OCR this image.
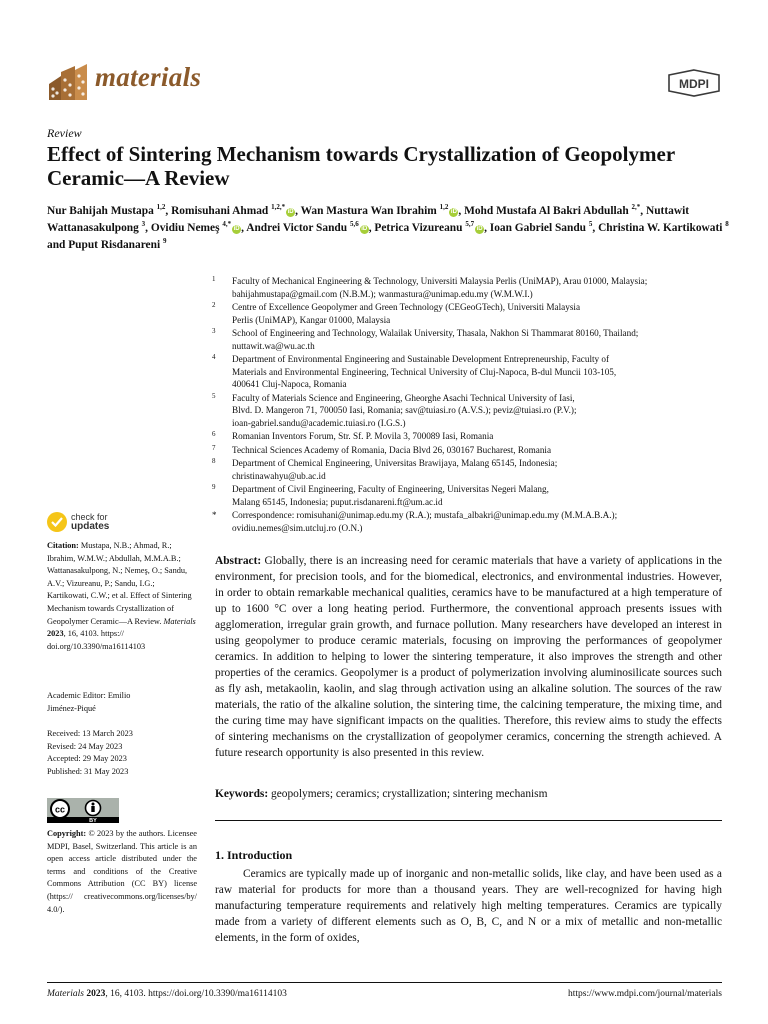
materials	MDPI
Review
Effect of Sintering Mechanism towards Crystallization of Geopolymer Ceramic—A Review
Nur Bahijah Mustapa $^{1,2}$, Romisuhani Ahmad $^{1,2,*}$iD , Wan Mastura Wan Ibrahim $^{1,2}$iD , Mohd Mustafa Al Bakri Abdullah $^{2,*}$, Nuttawit Wattanasakulpong $^3$, Ovidiu Nemeş $^{4,*}$iD , Andrei Victor Sandu $^{5,6}$iD , Petrica Vizureanu $^{5,7}$iD , Ioan Gabriel Sandu $^5$, Christina W. Kartikowati $^8$ and Puput Risdanareni $^9$
1 Faculty of Mechanical Engineering & Technology, Universiti Malaysia Perlis (UniMAP), Arau 01000, Malaysia;
bahijahmustapa@gmail.com (N.B.M.); wanmastura@unimap.edu.my (W.M.W.I.)
2 Centre of Excellence Geopolymer and Green Technology (CEGeoGTech), Universiti Malaysia
Perlis (UniMAP), Kangar 01000, Malaysia
3 School of Engineering and Technology, Walailak University, Thasala, Nakhon Si Thammarat 80160, Thailand;
nuttawit.wa@wu.ac.th
4 Department of Environmental Engineering and Sustainable Development Entrepreneurship, Faculty of
Materials and Environmental Engineering, Technical University of Cluj-Napoca, B-dul Muncii 103-105,
400641 Cluj-Napoca, Romania
5 Faculty of Materials Science and Engineering, Gheorghe Asachi Technical University of Iasi,
Blvd. D. Mangeron 71, 700050 Iasi, Romania; sav@tuiasi.ro (A.V.S.); peviz@tuiasi.ro (P.V.);
ioan-gabriel.sandu@academic.tuiasi.ro (I.G.S.)
6 Romanian Inventors Forum, Str. Sf. P. Movila 3, 700089 Iasi, Romania
7 Technical Sciences Academy of Romania, Dacia Blvd 26, 030167 Bucharest, Romania
8 Department of Chemical Engineering, Universitas Brawijaya, Malang 65145, Indonesia;
christinawahyu@ub.ac.id
9 Department of Civil Engineering, Faculty of Engineering, Universitas Negeri Malang,
Malang 65145, Indonesia; puput.risdanareni.ft@um.ac.id
* Correspondence: romisuhani@unimap.edu.my (R.A.); mustafa_albakri@unimap.edu.my (M.M.A.B.A.);
ovidiu.nemes@sim.utcluj.ro (O.N.)
check for
updates
Citation: Mustapa, N.B.; Ahmad, R.; Ibrahim, W.M.W.; Abdullah, M.M.A.B.; Wattanasakulpong, N.; Nemeş, O.; Sandu, A.V.; Vizureanu, P.; Sandu, I.G.; Kartikowati, C.W.; et al. Effect of Sintering Mechanism towards Crystallization of Geopolymer Ceramic—A Review. Materials 2023, 16, 4103. https:// doi.org/10.3390/ma16114103
Academic Editor: Emilio
Jiménez-Piqué
Received: 13 March 2023
Revised: 24 May 2023
Accepted: 29 May 2023
Published: 31 May 2023
cc
BY
Copyright: © 2023 by the authors. Licensee MDPI, Basel, Switzerland. This article is an open access article distributed under the terms and conditions of the Creative Commons Attribution (CC BY) license (https:// creativecommons.org/licenses/by/ 4.0/).
Abstract: Globally, there is an increasing need for ceramic materials that have a variety of applications in the environment, for precision tools, and for the biomedical, electronics, and environmental industries. However, in order to obtain remarkable mechanical qualities, ceramics have to be manufactured at a high temperature of up to 1600 °C over a long heating period. Furthermore, the conventional approach presents issues with agglomeration, irregular grain growth, and furnace pollution. Many researchers have developed an interest in using geopolymer to produce ceramic materials, focusing on improving the performances of geopolymer ceramics. In addition to helping to lower the sintering temperature, it also improves the strength and other properties of the ceramics. Geopolymer is a product of polymerization involving aluminosilicate sources such as fly ash, metakaolin, kaolin, and slag through activation using an alkaline solution. The sources of the raw materials, the ratio of the alkaline solution, the sintering time, the calcining temperature, the mixing time, and the curing time may have significant impacts on the qualities. Therefore, this review aims to study the effects of sintering mechanisms on the crystallization of geopolymer ceramics, concerning the strength achieved. A future research opportunity is also presented in this review.
Keywords: geopolymers; ceramics; crystallization; sintering mechanism
1. Introduction
Ceramics are typically made up of inorganic and non-metallic solids, like clay, and have been used as a raw material for products for more than a thousand years. They are well-recognized for having high manufacturing temperature requirements and relatively high melting temperatures. Ceramics are typically made from a variety of different elements such as O, B, C, and N or a mix of metallic and non-metallic elements, in the form of oxides,
Materials 2023, 16, 4103. https://doi.org/10.3390/ma16114103	https://www.mdpi.com/journal/materials
